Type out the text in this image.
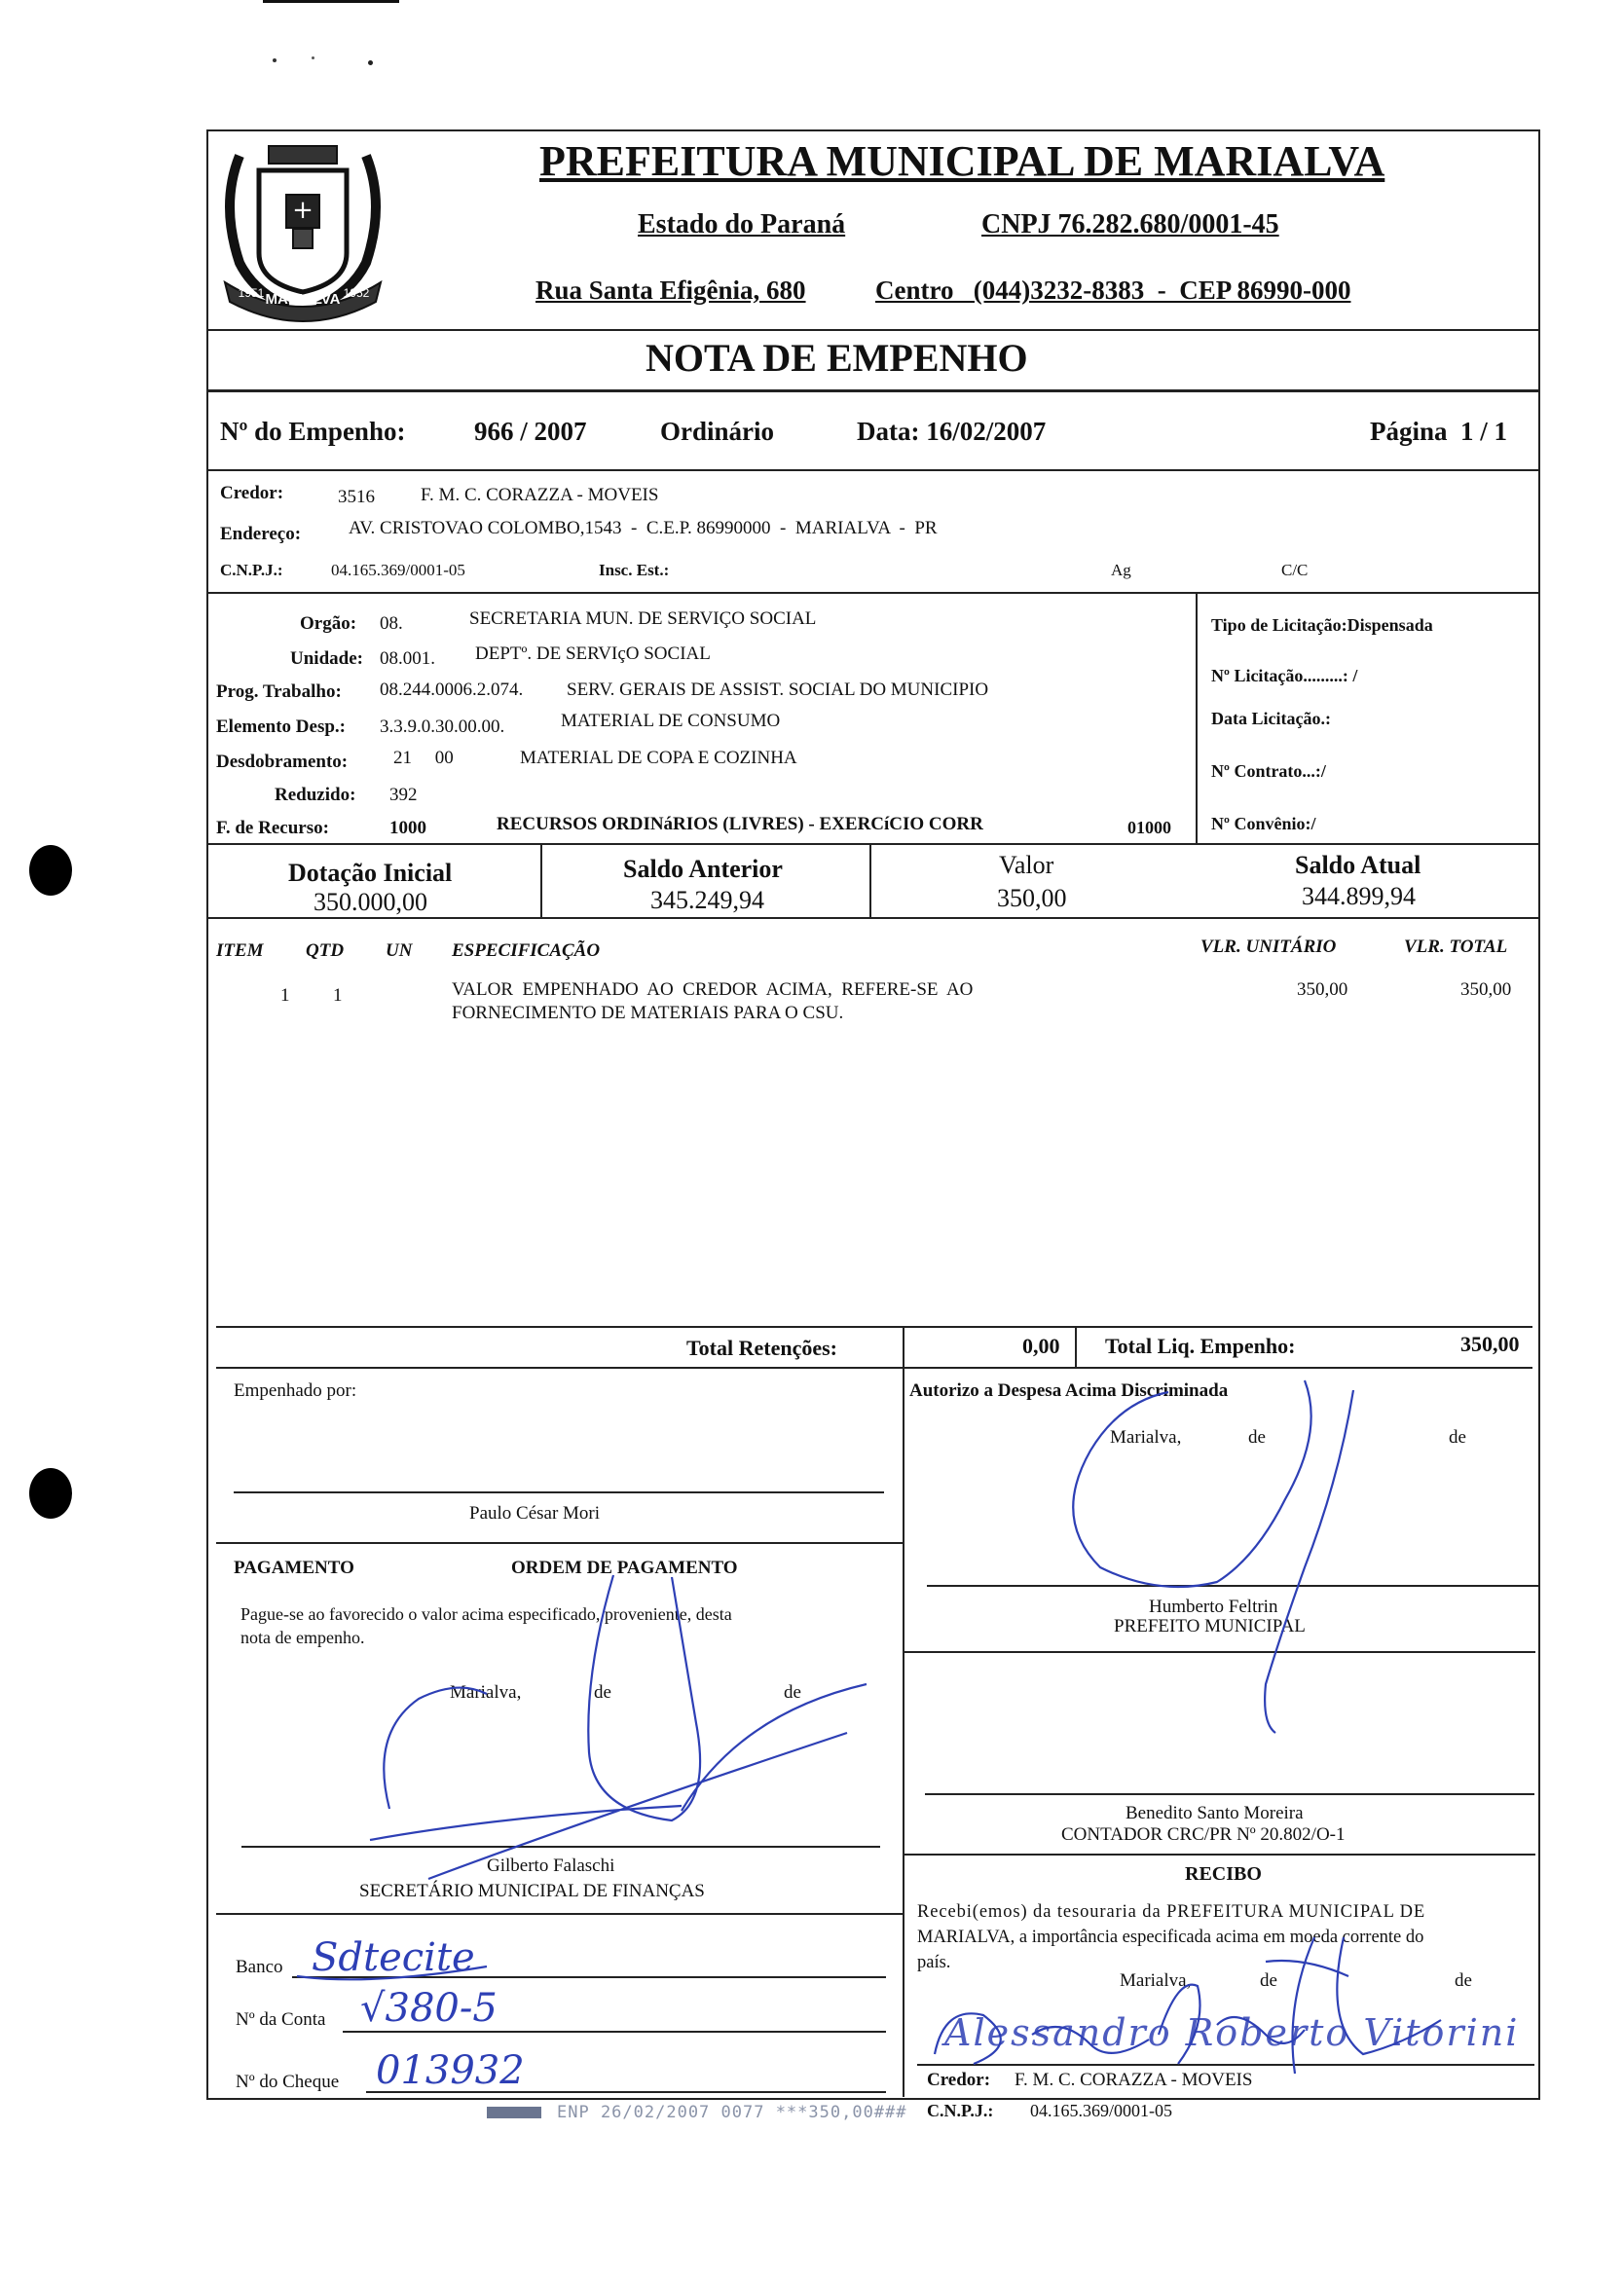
+
MARIALVA
1951	1952
PREFEITURA MUNICIPAL DE MARIALVA
Estado do Paraná	CNPJ 76.282.680/0001-45
Rua Santa Efigênia, 680	Centro   (044)3232-8383  -  CEP 86990-000
NOTA DE EMPENHO
Nº do Empenho:	966 / 2007	Ordinário	Data: 16/02/2007	Página  1 / 1
Credor:	3516 F. M. C. CORAZZA - MOVEIS
Endereço:	AV. CRISTOVAO COLOMBO,1543  -  C.E.P. 86990000  -  MARIALVA  -  PR
C.N.P.J.:	04.165.369/0001-05	Insc. Est.:	Ag	C/C
Orgão: 08.	SECRETARIA MUN. DE SERVIÇO SOCIAL
Unidade: 08.001. DEPTº. DE SERVIçO SOCIAL
Prog. Trabalho: 08.244.0006.2.074. SERV. GERAIS DE ASSIST. SOCIAL DO MUNICIPIO
Elemento Desp.: 3.3.9.0.30.00.00.	MATERIAL DE CONSUMO
Desdobramento: 21     00	MATERIAL DE COPA E COZINHA
Reduzido: 392
F. de Recurso:	1000	RECURSOS ORDINáRIOS (LIVRES) - EXERCíCIO CORR	01000
Tipo de Licitação:Dispensada
Nº Licitação.........: /
Data Licitação.:
Nº Contrato...:/
Nº Convênio:/
Dotação Inicial
350.000,00
Saldo Anterior
345.249,94
Valor
350,00
Saldo Atual
344.899,94
ITEM QTD UN ESPECIFICAÇÃO	VLR. UNITÁRIO	VLR. TOTAL
1 1	VALOR  EMPENHADO  AO  CREDOR  ACIMA,  REFERE-SE  AO
FORNECIMENTO DE MATERIAIS PARA O CSU.
350,00	350,00
Total Retenções:	0,00 Total Liq. Empenho:	350,00
Empenhado por:
Paulo César Mori
Autorizo a Despesa Acima Discriminada
Marialva,	de	de
Humberto Feltrin
PREFEITO MUNICIPAL
PAGAMENTO	ORDEM DE PAGAMENTO
Pague-se ao favorecido o valor acima especificado, proveniente, desta
nota de empenho.
Marialva,	de	de
Gilberto Falaschi
SECRETÁRIO MUNICIPAL DE FINANÇAS
Benedito Santo Moreira
CONTADOR CRC/PR Nº 20.802/O-1
Banco Sdtecite
Nº da Conta √380-5
Nº do Cheque 013932
RECIBO
Recebi(emos) da tesouraria da PREFEITURA MUNICIPAL DE
MARIALVA, a importância especificada acima em moeda corrente do
país.
Marialva,	de	de
Credor: F. M. C. CORAZZA - MOVEIS
C.N.P.J.: 04.165.369/0001-05
ENP 26/02/2007 0077 ***350,00###
Alessandro Roberto Vitorini
